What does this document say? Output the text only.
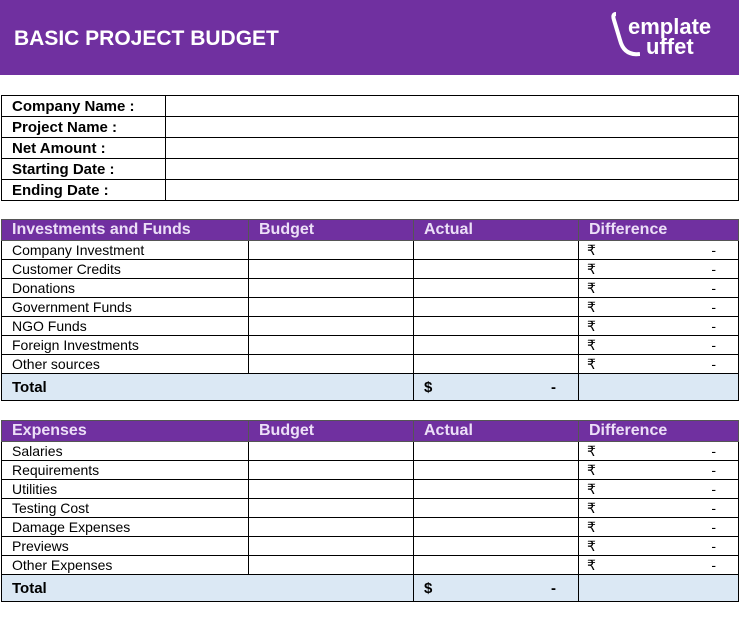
BASIC PROJECT BUDGET	emplate
uffet
Company Name :	
Project Name :	
Net Amount :	
Starting Date :	
Ending Date :	
Investments and Funds	Budget	Actual	Difference
Company Investment			₹ -

Customer Credits			₹ -

Donations			₹ -

Government Funds			₹ -

NGO Funds			₹ -

Foreign Investments			₹ -

Other sources			₹ -

Total		$ -	

Expenses	Budget	Actual	Difference
Salaries			₹ -

Requirements			₹ -

Utilities			₹ -

Testing Cost			₹ -

Damage Expenses			₹ -

Previews			₹ -

Other Expenses			₹ -

Total		$ -	
